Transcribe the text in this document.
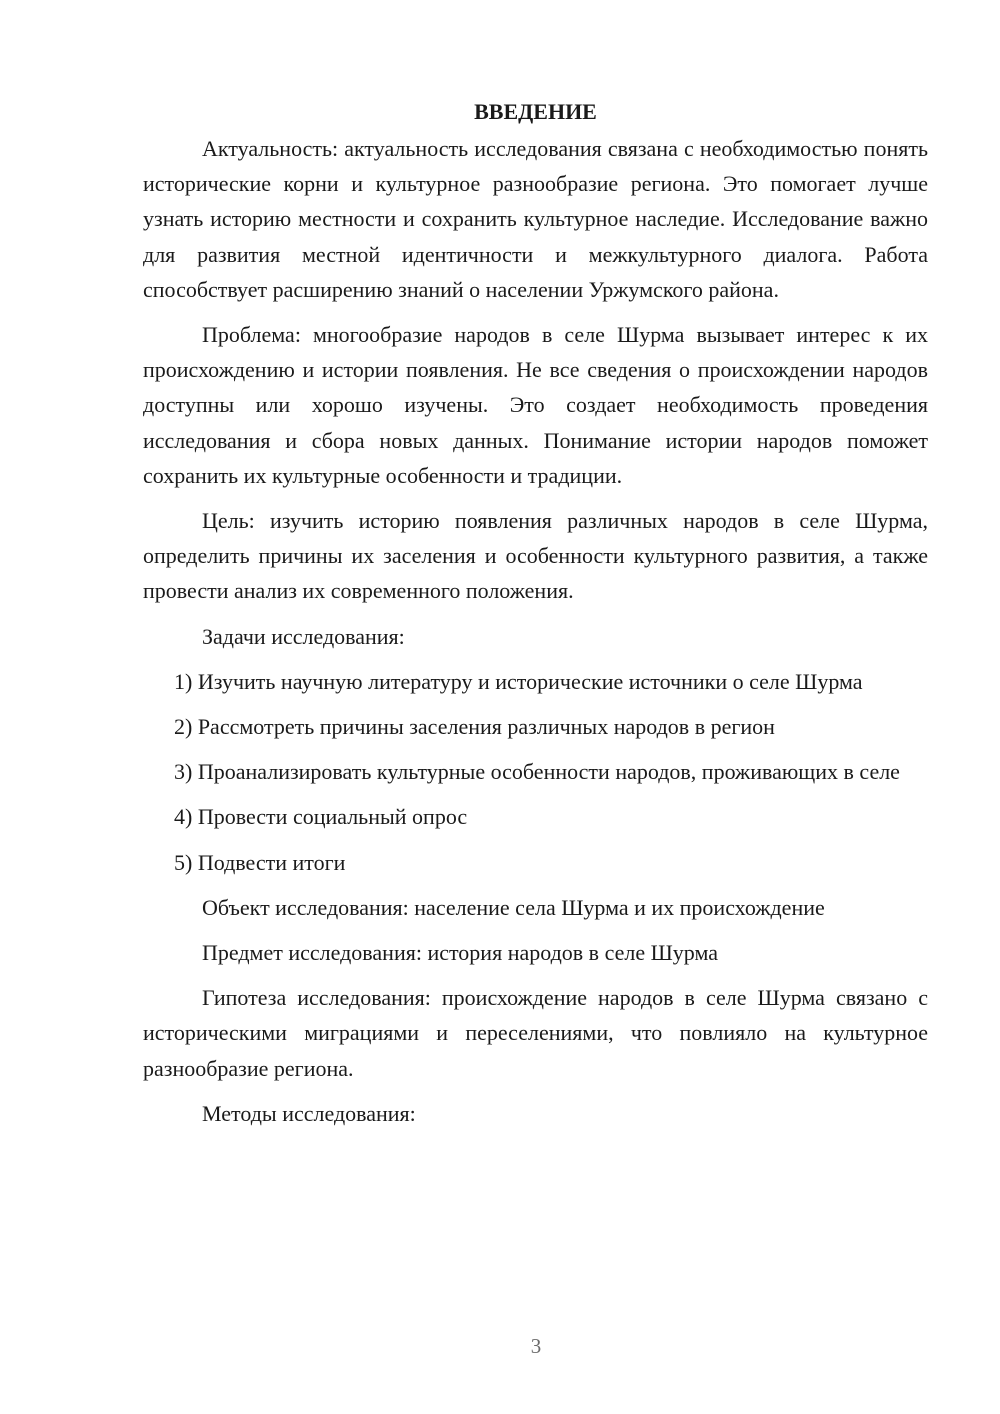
ВВЕДЕНИЕ

Актуальность: актуальность исследования связана с необходимостью понять исторические корни и культурное разнообразие региона. Это помогает лучше узнать историю местности и сохранить культурное наследие. Исследование важно для развития местной идентичности и межкультурного диалога. Работа способствует расширению знаний о населении Уржумского района.

Проблема: многообразие народов в селе Шурма вызывает интерес к их происхождению и истории появления. Не все сведения о происхождении народов доступны или хорошо изучены. Это создает необходимость проведения исследования и сбора новых данных. Понимание истории народов поможет сохранить их культурные особенности и традиции.

Цель: изучить историю появления различных народов в селе Шурма, определить причины их заселения и особенности культурного развития, а также провести анализ их современного положения.

Задачи исследования:

1) Изучить научную литературу и исторические источники о селе Шурма

2) Рассмотреть причины заселения различных народов в регион

3) Проанализировать культурные особенности народов, проживающих в селе

4) Провести социальный опрос

5) Подвести итоги

Объект исследования: население села Шурма и их происхождение

Предмет исследования: история народов в селе Шурма

Гипотеза исследования: происхождение народов в селе Шурма связано с историческими миграциями и переселениями, что повлияло на культурное разнообразие региона.

Методы исследования:

3
